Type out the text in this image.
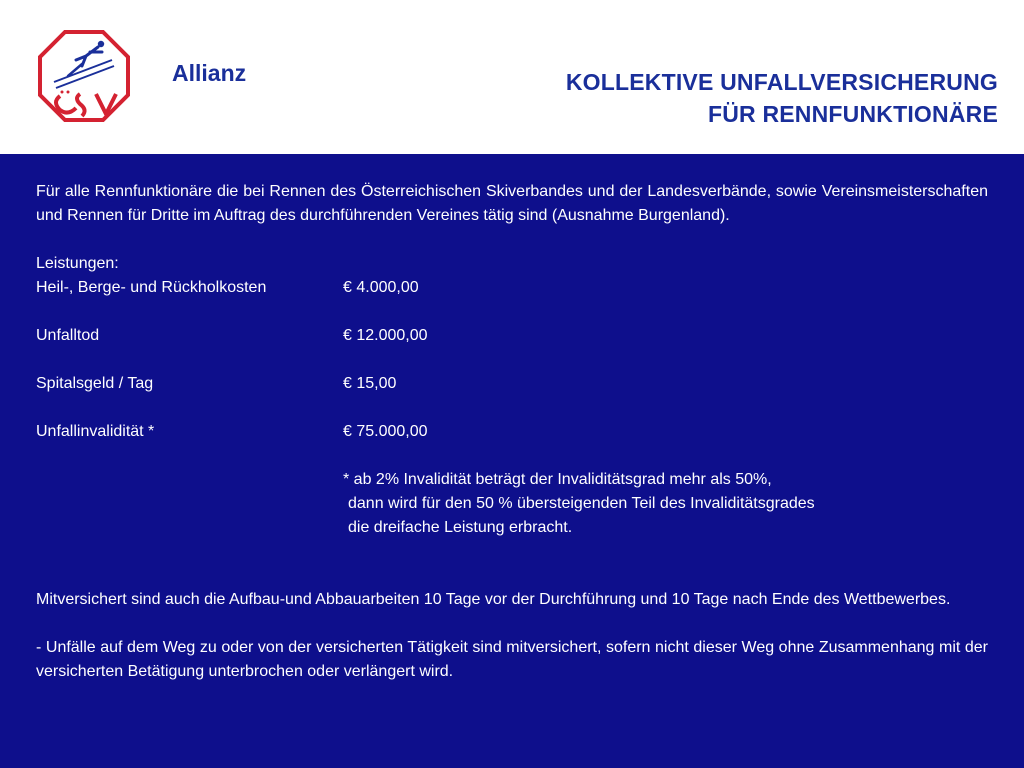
Allianz	KOLLEKTIVE UNFALLVERSICHERUNG
FÜR RENNFUNKTIONÄRE

Für alle Rennfunktionäre die bei Rennen des Österreichischen Skiverbandes und der Landesverbände, sowie Vereinsmeisterschaften und Rennen für Dritte im Auftrag des durchführenden Vereines tätig sind (Ausnahme Burgenland).

Leistungen:
Heil-, Berge- und Rückholkosten	€ 4.000,00
Unfalltod	€ 12.000,00
Spitalsgeld / Tag	€ 15,00
Unfallinvalidität *	€ 75.000,00
* ab 2% Invalidität beträgt der Invaliditätsgrad mehr als 50%,
dann wird für den 50 % übersteigenden Teil des Invaliditätsgrades
die dreifache Leistung erbracht.

Mitversichert sind auch die Aufbau-und Abbauarbeiten 10 Tage vor der Durchführung und 10 Tage nach Ende des Wettbewerbes.

- Unfälle auf dem Weg zu oder von der versicherten Tätigkeit sind mitversichert, sofern nicht dieser Weg ohne Zusammenhang mit der versicherten Betätigung unterbrochen oder verlängert wird.
